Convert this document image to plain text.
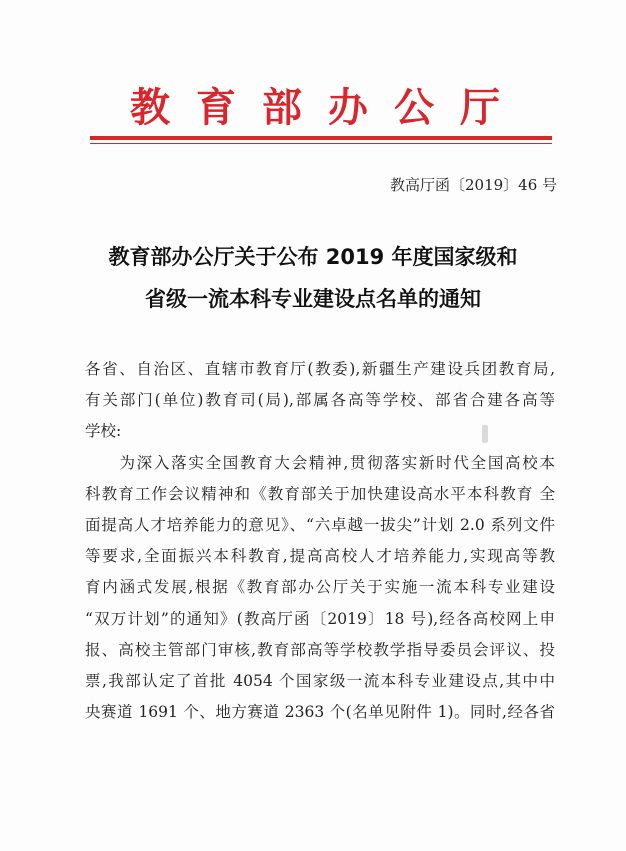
教育部办公厅
教高厅函〔2019〕46 号
教育部办公厅关于公布 2019 年度国家级和
省级一流本科专业建设点名单的通知
各省、自治区、直辖市教育厅(教委),新疆生产建设兵团教育局,
有关部门(单位)教育司(局),部属各高等学校、部省合建各高等
学校:
　　为深入落实全国教育大会精神,贯彻落实新时代全国高校本
科教育工作会议精神和《教育部关于加快建设高水平本科教育 全
面提高人才培养能力的意见》、“六卓越一拔尖”计划 2.0 系列文件
等要求,全面振兴本科教育,提高高校人才培养能力,实现高等教
育内涵式发展,根据《教育部办公厅关于实施一流本科专业建设
“双万计划”的通知》(教高厅函〔2019〕18 号),经各高校网上申
报、高校主管部门审核,教育部高等学校教学指导委员会评议、投
票,我部认定了首批 4054 个国家级一流本科专业建设点,其中中
央赛道 1691 个、地方赛道 2363 个(名单见附件 1)。同时,经各省
